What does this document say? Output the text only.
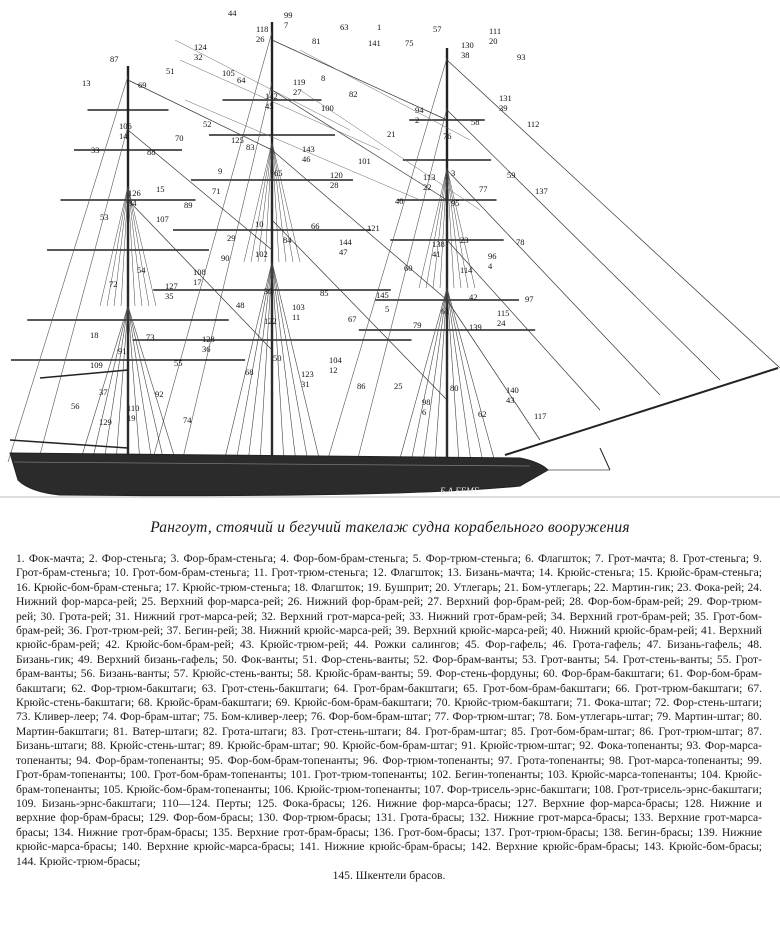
Б.А.БЕМЕ
1
2
3
4
5
6
7
8
9
10
11
12
13
14
15
17
18
19
20
21
22
23
24
25
26
27
28
29
30
31
32
33
34
35
36
37
38
39
40
41
42
43
44
45
46
47
48
50
51
52
53
54
55
56
57
58
59
60
61
62
63
64
65
66
67
68
69
70
71
72
73
74
75
76
77
78
79
80
81
82
83
84
85
86
87
88
89
90
91
92
93
94
95
96
97
98
99
100
101
102
103
104
105
106
107
108
109
110
111
112
113
114
115
117
118
119
120
121
122
123
124
125
126
127
128
129
130
131
137
138
139
140
141
142
143
144
145
Рангоут, стоячий и бегучий такелаж судна корабельного вооружения
1. Фок-мачта; 2. Фор-стеньга; 3. Фор-брам-стеньга; 4. Фор-бом-брам-стеньга; 5. Фор-трюм-стеньга; 6. Флагшток; 7. Грот-мачта; 8. Грот-стеньга; 9. Грот-брам-стеньга; 10. Грот-бом-брам-стеньга; 11. Грот-трюм-стеньга; 12. Флагшток; 13. Бизань-мачта; 14. Крюйс-стеньга; 15. Крюйс-брам-стеньга; 16. Крюйс-бом-брам-стеньга; 17. Крюйс-трюм-стеньга; 18. Флагшток; 19. Бушприт; 20. Утлегарь; 21. Бом-утлегарь; 22. Мартин-гик; 23. Фока-рей; 24. Нижний фор-марса-рей; 25. Верхний фор-марса-рей; 26. Нижний фор-брам-рей; 27. Верхний фор-брам-рей; 28. Фор-бом-брам-рей; 29. Фор-трюм-рей; 30. Грота-рей; 31. Нижний грот-марса-рей; 32. Верхний грот-марса-рей; 33. Нижний грот-брам-рей; 34. Верхний грот-брам-рей; 35. Грот-бом-брам-рей; 36. Грот-трюм-рей; 37. Бегин-рей; 38. Нижний крюйс-марса-рей; 39. Верхний крюйс-марса-рей; 40. Нижний крюйс-брам-рей; 41. Верхний крюйс-брам-рей; 42. Крюйс-бом-брам-рей; 43. Крюйс-трюм-рей; 44. Рожки салингов; 45. Фор-гафель; 46. Грота-гафель; 47. Бизань-гафель; 48. Бизань-гик; 49. Верхний бизань-гафель; 50. Фок-ванты; 51. Фор-стень-ванты; 52. Фор-брам-ванты; 53. Грот-ванты; 54. Грот-стень-ванты; 55. Грот-брам-ванты; 56. Бизань-ванты; 57. Крюйс-стень-ванты; 58. Крюйс-брам-ванты; 59. Фор-стень-фордуны; 60. Фор-брам-бакштаги; 61. Фор-бом-брам-бакштаги; 62. Фор-трюм-бакштаги; 63. Грот-стень-бакштаги; 64. Грот-брам-бакштаги; 65. Грот-бом-брам-бакштаги; 66. Грот-трюм-бакштаги; 67. Крюйс-стень-бакштаги; 68. Крюйс-брам-бакштаги; 69. Крюйс-бом-брам-бакштаги; 70. Крюйс-трюм-бакштаги; 71. Фока-штаг; 72. Фор-стень-штаги; 73. Кливер-леер; 74. Фор-брам-штаг; 75. Бом-кливер-леер; 76. Фор-бом-брам-штаг; 77. Фор-трюм-штаг; 78. Бом-утлегарь-штаг; 79. Мартин-штаг; 80. Мартин-бакштаги; 81. Ватер-штаги; 82. Грота-штаги; 83. Грот-стень-штаги; 84. Грот-брам-штаг; 85. Грот-бом-брам-штаг; 86. Грот-трюм-штаг; 87. Бизань-штаги; 88. Крюйс-стень-штаг; 89. Крюйс-брам-штаг; 90. Крюйс-бом-брам-штаг; 91. Крюйс-трюм-штаг; 92. Фока-топенанты; 93. Фор-марса-топенанты; 94. Фор-брам-топенанты; 95. Фор-бом-брам-топенанты; 96. Фор-трюм-топенанты; 97. Грота-топенанты; 98. Грот-марса-топенанты; 99. Грот-брам-топенанты; 100. Грот-бом-брам-топенанты; 101. Грот-трюм-топенанты; 102. Бегин-топенанты; 103. Крюйс-марса-топенанты; 104. Крюйс-брам-топенанты; 105. Крюйс-бом-брам-топенанты; 106. Крюйс-трюм-топенанты; 107. Фор-трисель-эрнс-бакштаги; 108. Грот-трисель-эрнс-бакштаги; 109. Бизань-эрнс-бакштаги; 110—124. Перты; 125. Фока-брасы; 126. Нижние фор-марса-брасы; 127. Верхние фор-марса-брасы; 128. Нижние и верхние фор-брам-брасы; 129. Фор-бом-брасы; 130. Фор-трюм-брасы; 131. Грота-брасы; 132. Нижние грот-марса-брасы; 133. Верхние грот-марса-брасы; 134. Нижние грот-брам-брасы; 135. Верхние грот-брам-брасы; 136. Грот-бом-брасы; 137. Грот-трюм-брасы; 138. Бегин-брасы; 139. Нижние крюйс-марса-брасы; 140. Верхние крюйс-марса-брасы; 141. Нижние крюйс-брам-брасы; 142. Верхние крюйс-брам-брасы; 143. Крюйс-бом-брасы; 144. Крюйс-трюм-брасы;
145. Шкентели брасов.
